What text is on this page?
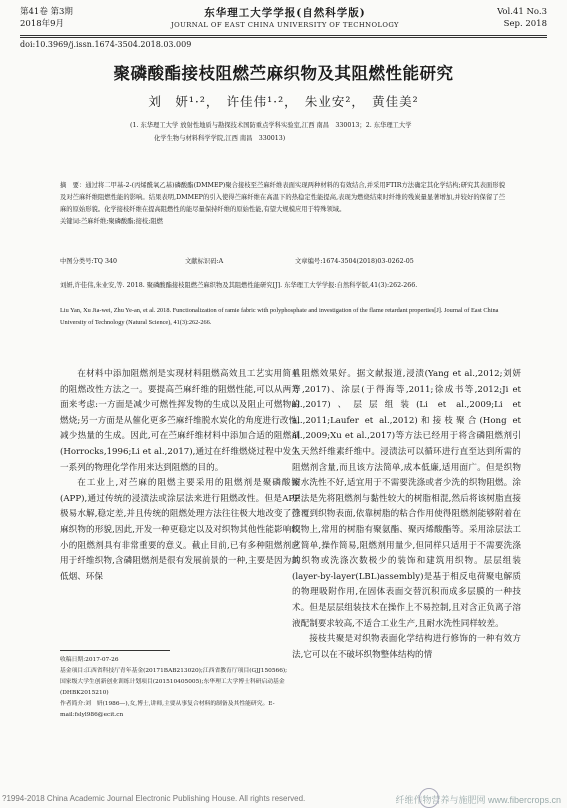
第41卷 第3期
2018年9月
东华理工大学学报(自然科学版)
JOURNAL OF EAST CHINA UNIVERSITY OF TECHNOLOGY
Vol.41 No.3
Sep. 2018
doi:10.3969/j.issn.1674-3504.2018.03.009
聚磷酸酯接枝阻燃苎麻织物及其阻燃性能研究
刘　妍¹·²，　许佳伟¹·²，　朱业安²，　黄佳美²
(1. 东华理工大学 放射性地质与勘探技术国防重点学科实验室,江西 南昌　330013；2. 东华理工大学
化学生物与材料科学学院,江西 南昌　330013)
摘　要：通过将二甲基-2-(丙烯酰氧乙基)磷酸酯(DMMEP)聚合接枝至苎麻纤维表面实现两种材料的有效结合,并采用FTIR方法确定其化学结构;研究其表面形貌及对苎麻纤维阻燃性能的影响。结果表明,DMMEP的引入使得苎麻纤维在高温下的热稳定性能提高,表现为燃烧结束时纤维的残炭量显著增加,并较好的保留了苎麻的原始形貌。化学接枝纤维在提高阻燃性的能尽量保持纤维的原始性能,有望大规模应用于特殊领域。
关键词:苎麻纤维;聚磷酸酯;接枝;阻燃
中图分类号:TQ 340	文献标识码:A	文章编号:1674-3504(2018)03-0262-05
刘妍,许佳伟,朱业安,等. 2018. 聚磷酸酯接枝阻燃苎麻织物及其阻燃性能研究[J]. 东华理工大学学报:自然科学版,41(3):262-266.
Liu Yan, Xu Jia-wei, Zhu Ye-an, et al. 2018. Functionalization of ramie fabric with polyphosphate and investigation of the flame retardant properties[J]. Journal of East China University of Technology (Natural Science), 41(3):262-266.

在材料中添加阻燃剂是实现材料阻燃高效且工艺实用简单的阻燃改性方法之一。要提高苎麻纤维的阻燃性能,可以从两方面来考虑:一方面是减少可燃性挥发物的生成以及阻止可燃物的燃烧;另一方面是从催化更多苎麻纤维脱水炭化的角度进行改性,减少热量的生成。因此,可在苎麻纤维材料中添加合适的阻燃剂(Horrocks,1996;Li et al.,2017),通过在纤维燃烧过程中发生一系列的物理化学作用来达到阻燃的目的。

在工业上,对苎麻的阻燃主要采用的阻燃剂是聚磷酸铵(APP),通过传统的浸渍法或涂层法来进行阻燃改性。但是APP极易水解,稳定差,并且传统的阻燃处理方法往往极大地改变了苎麻织物的形貌,因此,开发一种更稳定以及对织物其他性能影响较小的阻燃剂具有非常重要的意义。截止目前,已有多种阻燃剂应用于纤维织物,含磷阻燃剂是很有发展前景的一种,主要是因为其低烟、环保

且阻燃效果好。据文献报道,浸渍(Yang et al.,2012;刘妍等,2017)、涂层(于得海等,2011;徐成书等,2012;Ji et al.,2017)、层层组装(Li et al.,2009;Li et al.,2011;Laufer et al.,2012)和接枝聚合(Hong et al.,2009;Xu et al.,2017)等方法已经用于将含磷阻燃剂引入天然纤维素纤维中。浸渍法可以循环进行直至达到所需的阻燃剂含量,而且该方法简单,成本低廉,适用面广。但是织物耐水洗性不好,适宜用于不需要洗涤或者少洗的织物阻燃。涂层法是先将阻燃剂与黏性较大的树脂相混,然后将该树脂直接涂覆到织物表面,依靠树脂的粘合作用使得阻燃剂能够附着在织物上,常用的树脂有聚氨酯、聚丙烯酸酯等。采用涂层法工艺简单,操作简易,阻燃剂用量少,但同样只适用于不需要洗涤的织物或洗涤次数极少的装饰和建筑用织物。层层组装(layer-by-layer(LBL)assembly)是基于相反电荷聚电解质的物理吸附作用,在固体表面交替沉积而成多层膜的一种技术。但是层层组装技术在操作上不易控制,且对含正负离子溶液配制要求较高,不适合工业生产,且耐水洗性同样较差。

接枝共聚是对织物表面化学结构进行修饰的一种有效方法,它可以在不破坏织物整体结构的情

收稿日期:2017-07-26
基金项目:江西省科技厅青年基金(20171BAB213020);江西省教育厅项目(GJJ150566);国家级大学生创新创业训练计划项目(201510405005);东华理工大学博士科研启动基金(DHBK2015210)
作者简介:刘　妍(1986—),女,博士,讲师,主要从事复合材料的制备及其性能研究。E-mail:fslyl986@ecit.cn
?1994-2018 China Academic Journal Electronic Publishing House. All rights reserved.	纤维作物营养与施肥网 www.fibercrops.cn
